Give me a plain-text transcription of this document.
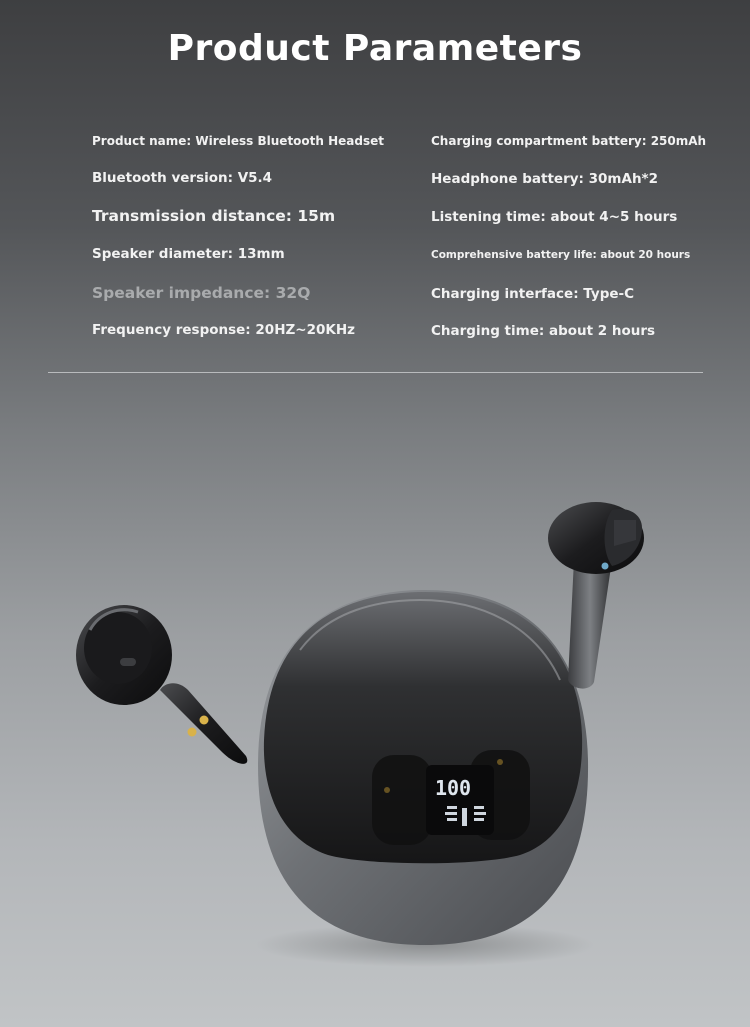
Product Parameters
Product name: Wireless Bluetooth Headset
Bluetooth version: V5.4
Transmission distance: 15m
Speaker diameter: 13mm
Speaker impedance: 32Q
Frequency response: 20HZ~20KHz
Charging compartment battery: 250mAh
Headphone battery: 30mAh*2
Listening time: about 4~5 hours
Comprehensive battery life: about 20 hours
Charging interface: Type-C
Charging time: about 2 hours
100
